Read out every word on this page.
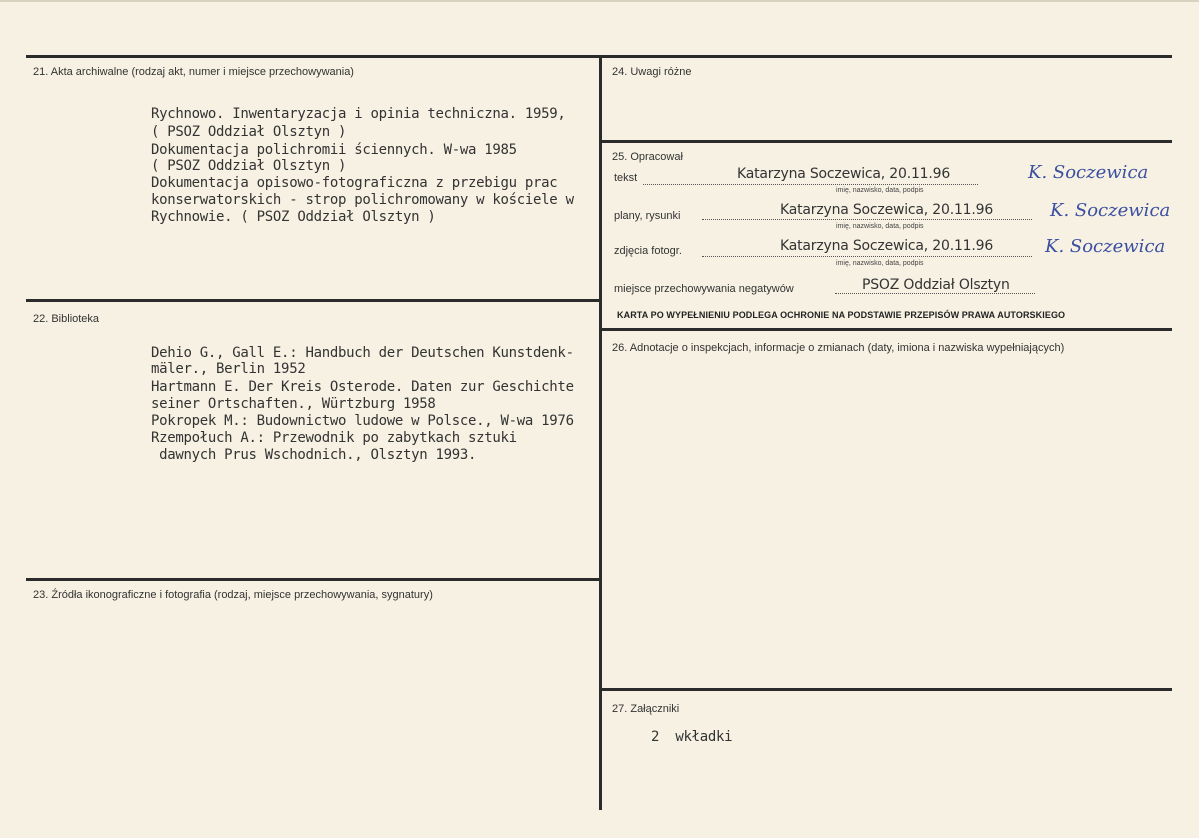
21. Akta archiwalne (rodzaj akt, numer i miejsce przechowywania)
Rychnowo. Inwentaryzacja i opinia techniczna. 1959,
( PSOZ Oddział Olsztyn )
Dokumentacja polichromii ściennych. W-wa 1985
( PSOZ Oddział Olsztyn )
Dokumentacja opisowo-fotograficzna z przebigu prac
konserwatorskich - strop polichromowany w kościele w
Rychnowie. ( PSOZ Oddział Olsztyn )
22. Biblioteka
Dehio G., Gall E.: Handbuch der Deutschen Kunstdenk-
mäler., Berlin 1952
Hartmann E. Der Kreis Osterode. Daten zur Geschichte
seiner Ortschaften., Würtzburg 1958
Pokropek M.: Budownictwo ludowe w Polsce., W-wa 1976
Rzempołuch A.: Przewodnik po zabytkach sztuki
dawnych Prus Wschodnich., Olsztyn 1993.
23. Źródła ikonograficzne i fotografia (rodzaj, miejsce przechowywania, sygnatury)
24. Uwagi różne
25. Opracował
tekst	Katarzyna Soczewica, 20.11.96	K. Soczewica
imię, nazwisko, data, podpis
plany, rysunki	Katarzyna Soczewica, 20.11.96	K. Soczewica
imię, nazwisko, data, podpis
zdjęcia fotogr.	Katarzyna Soczewica, 20.11.96	K. Soczewica
imię, nazwisko, data, podpis
miejsce przechowywania negatywów	PSOZ Oddział Olsztyn
KARTA PO WYPEŁNIENIU PODLEGA OCHRONIE NA PODSTAWIE PRZEPISÓW PRAWA AUTORSKIEGO
26. Adnotacje o inspekcjach, informacje o zmianach (daty, imiona i nazwiska wypełniających)
27. Załączniki
2  wkładki
